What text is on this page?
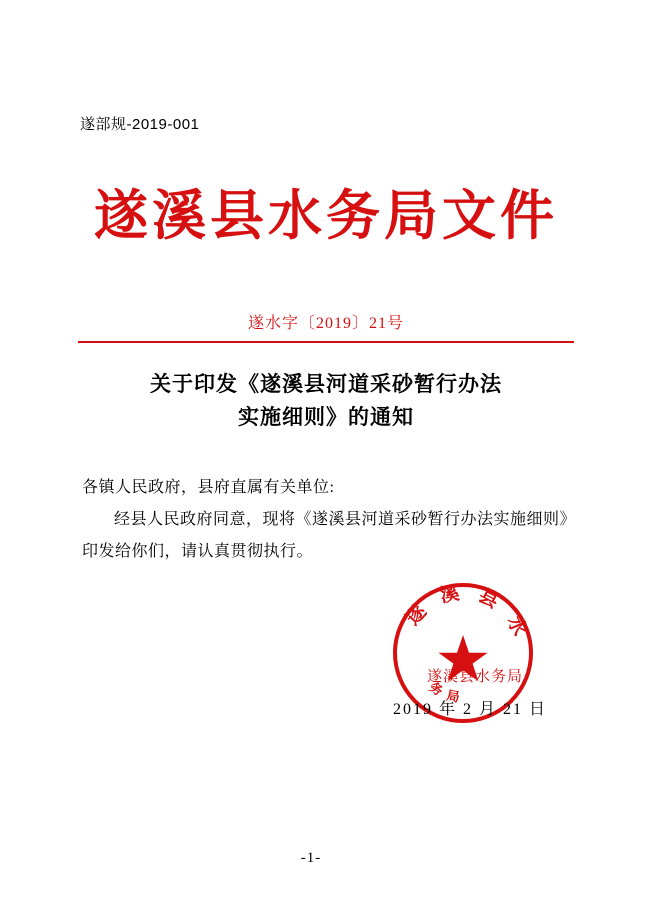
遂部规-2019-001
遂溪县水务局文件
遂水字〔2019〕21号
关于印发《遂溪县河道采砂暂行办法
实施细则》的通知
各镇人民政府，县府直属有关单位:
经县人民政府同意，现将《遂溪县河道采砂暂行办法实施细则》印发给你们，请认真贯彻执行。
遂 溪 县 水
务 局
遂溪县水务局
2019 年 2 月 21 日
-1-
